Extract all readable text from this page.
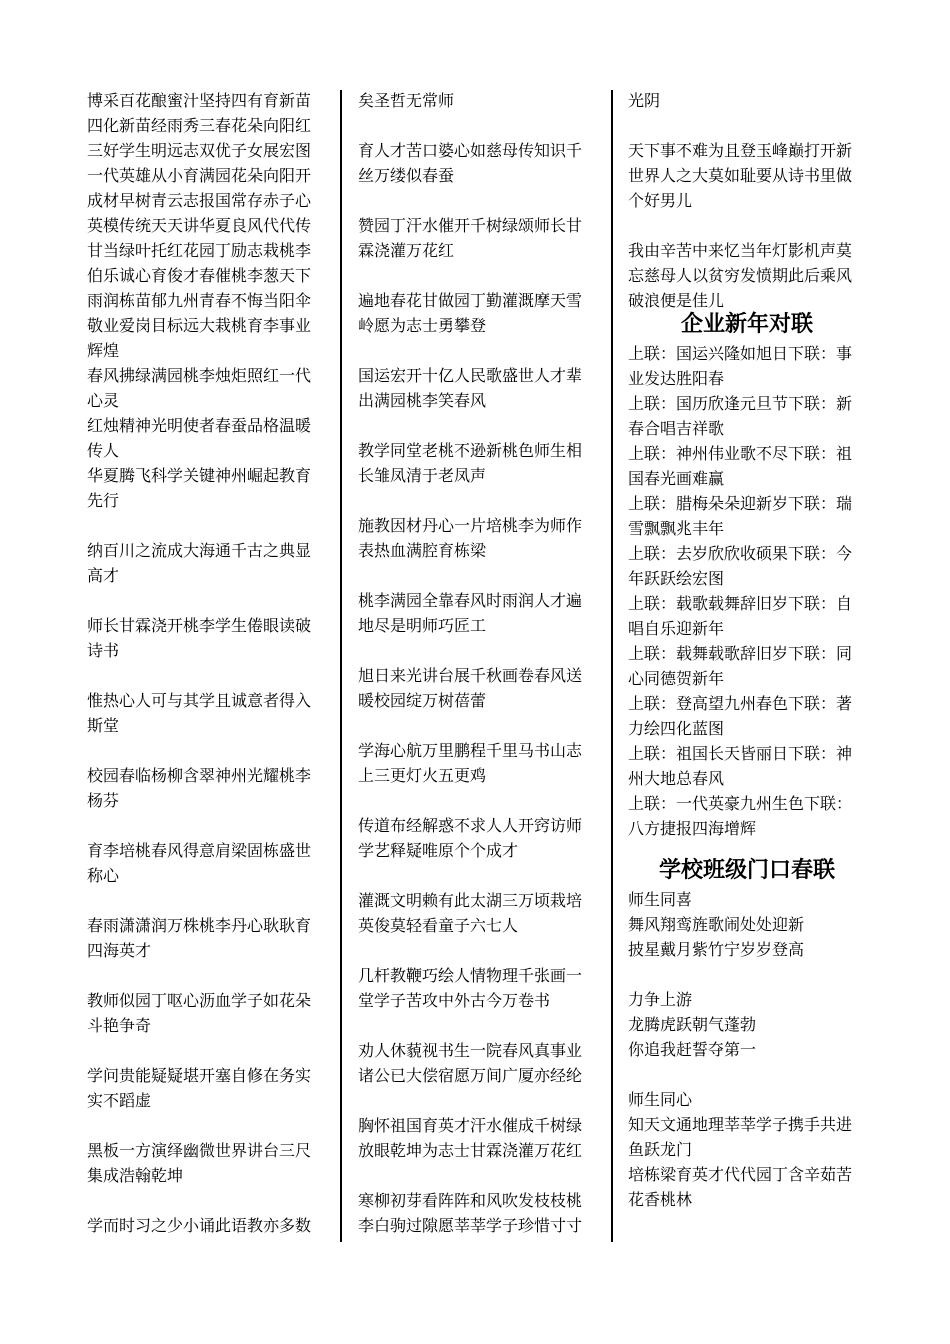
博采百花酿蜜汁坚持四有育新苗四化新苗经雨秀三春花朵向阳红三好学生明远志双优子女展宏图一代英雄从小育满园花朵向阳开成材早树青云志报国常存赤子心英模传统天天讲华夏良风代代传甘当绿叶托红花园丁励志栽桃李伯乐诚心育俊才春催桃李葱天下雨润栋苗郁九州青春不悔当阳伞敬业爱岗目标远大栽桃育李事业辉煌

春风拂绿满园桃李烛炬照红一代心灵

红烛精神光明使者春蚕品格温暖传人

华夏腾飞科学关键神州崛起教育先行

纳百川之流成大海通千古之典显高才

师长甘霖浇开桃李学生倦眼读破诗书

惟热心人可与其学且诚意者得入斯堂

校园春临杨柳含翠神州光耀桃李杨芬

育李培桃春风得意肩梁固栋盛世称心

春雨潇潇润万株桃李丹心耿耿育四海英才

教师似园丁呕心沥血学子如花朵斗艳争奇

学问贵能疑疑堪开塞自修在务实实不蹈虚

黑板一方演绎幽微世界讲台三尺集成浩翰乾坤

学而时习之少小诵此语教亦多数

矣圣哲无常师

育人才苦口婆心如慈母传知识千丝万缕似春蚕

赞园丁汗水催开千树绿颂师长甘霖浇灌万花红

遍地春花甘做园丁勤灌溉摩天雪岭愿为志士勇攀登

国运宏开十亿人民歌盛世人才辈出满园桃李笑春风

教学同堂老桃不逊新桃色师生相长雏凤清于老凤声

施教因材丹心一片培桃李为师作表热血满腔育栋梁

桃李满园全靠春风时雨润人才遍地尽是明师巧匠工

旭日来光讲台展千秋画卷春风送暖校园绽万树蓓蕾

学海心航万里鹏程千里马书山志上三更灯火五更鸡

传道布经解惑不求人人开窍访师学艺释疑唯原个个成才

灌溉文明赖有此太湖三万顷栽培英俊莫轻看童子六七人

几杆教鞭巧绘人情物理千张画一堂学子苦攻中外古今万卷书

劝人休藐视书生一院春风真事业诸公已大偿宿愿万间广厦亦经纶

胸怀祖国育英才汗水催成千树绿放眼乾坤为志士甘霖浇灌万花红

寒柳初芽看阵阵和风吹发枝枝桃李白驹过隙愿莘莘学子珍惜寸寸

光阴

天下事不难为且登玉峰巅打开新世界人之大莫如耻要从诗书里做个好男儿

我由辛苦中来忆当年灯影机声莫忘慈母人以贫穷发愤期此后乘风破浪便是佳儿

企业新年对联

上联：国运兴隆如旭日下联：事业发达胜阳春

上联：国历欣逢元旦节下联：新春合唱吉祥歌

上联：神州伟业歌不尽下联：祖国春光画难赢

上联：腊梅朵朵迎新岁下联：瑞雪飘飘兆丰年

上联：去岁欣欣收硕果下联：今年跃跃绘宏图

上联：载歌载舞辞旧岁下联：自唱自乐迎新年

上联：载舞载歌辞旧岁下联：同心同德贺新年

上联：登高望九州春色下联：著力绘四化蓝图

上联：祖国长天皆丽日下联：神州大地总春风

上联：一代英豪九州生色下联：八方捷报四海增辉

学校班级门口春联

师生同喜

舞风翔鸾旌歌闹处处迎新

披星戴月紫竹宁岁岁登高

力争上游

龙腾虎跃朝气蓬勃

你追我赶誓夺第一

师生同心

知天文通地理莘莘学子携手共进鱼跃龙门

培栋梁育英才代代园丁含辛茹苦花香桃林
